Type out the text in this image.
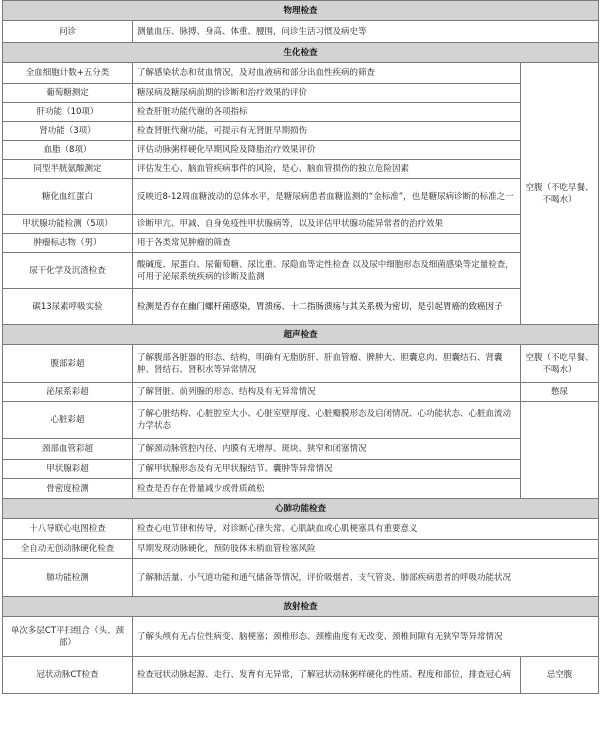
物理检查		
问诊	测量血压、脉搏、身高、体重、腰围，问诊生活习惯及病史等	
生化检查		
全血细胞计数+五分类	了解感染状态和贫血情况，及对血液病和部分出血性疾病的筛查	空腹（不吃早餐、不喝水）
葡萄糖测定	糖尿病及糖尿病前期的诊断和治疗效果的评价	
肝功能（10项）	检查肝脏功能代谢的各项指标	
肾功能（3项）	检查肾脏代谢功能，可提示有无肾脏早期损伤	
血脂（8项）	评估动脉粥样硬化早期风险及降脂治疗效果评价	
同型半胱氨酸测定	评估发生心、脑血管疾病事件的风险，是心、脑血管损伤的独立危险因素	
糖化血红蛋白	反映近8-12周血糖波动的总体水平，是糖尿病患者血糖监测的“金标准”，也是糖尿病诊断的标准之一	
甲状腺功能检测（5项）	诊断甲亢、甲减、自身免疫性甲状腺病等，以及评估甲状腺功能异常者的治疗效果	
肿瘤标志物（男）	用于各类常见肿瘤的筛查	
尿干化学及沉渣检查	酸碱度、尿蛋白、尿葡萄糖、尿比重、尿隐血等定性检查 以及尿中细胞形态及细菌感染等定量检查，可用于泌尿系统疾病的诊断及监测	
碳13尿素呼吸实验	检测是否存在幽门螺杆菌感染，胃溃疡、十二指肠溃疡与其关系极为密切，是引起胃癌的致癌因子	
超声检查		
腹部彩超	了解腹部各脏器的形态、结构，明确有无脂肪肝、肝血管瘤、脾肿大、胆囊息肉、胆囊结石、肾囊肿、肾结石、肾积水等异常情况	空腹（不吃早餐、不喝水）
泌尿系彩超	了解肾脏、前列腺的形态、结构及有无异常情况	憋尿
心脏彩超	了解心脏结构、心脏腔室大小、心脏室壁厚度、心脏瓣膜形态及启闭情况、心功能状态、心脏血流动力学状态	
颈部血管彩超	了解颈动脉管腔内径、内膜有无增厚、斑块、狭窄和闭塞情况	
甲状腺彩超	了解甲状腺形态及有无甲状腺结节、囊肿等异常情况	
骨密度检测	检查是否存在骨量减少或骨质疏松	
心肺功能检查		
十八导联心电图检查	检查心电节律和传导，对诊断心律失常、心肌缺血或心肌梗塞具有重要意义	
全自动无创动脉硬化检查	早期发现动脉硬化，预防肢体末梢血管栓塞风险	
肺功能检测	了解肺活量、小气道功能和通气储备等情况，评价吸烟者、支气管炎、肺部疾病患者的呼吸功能状况	
放射检查		
单次多层CT平扫组合（头、颈部）	了解头颅有无占位性病变、脑梗塞；颈椎形态、颈椎曲度有无改变、颈椎间隙有无狭窄等异常情况	
冠状动脉CT检查	检查冠状动脉起源、走行、发育有无异常，了解冠状动脉粥样硬化的性质、程度和部位，排查冠心病	忌空腹
